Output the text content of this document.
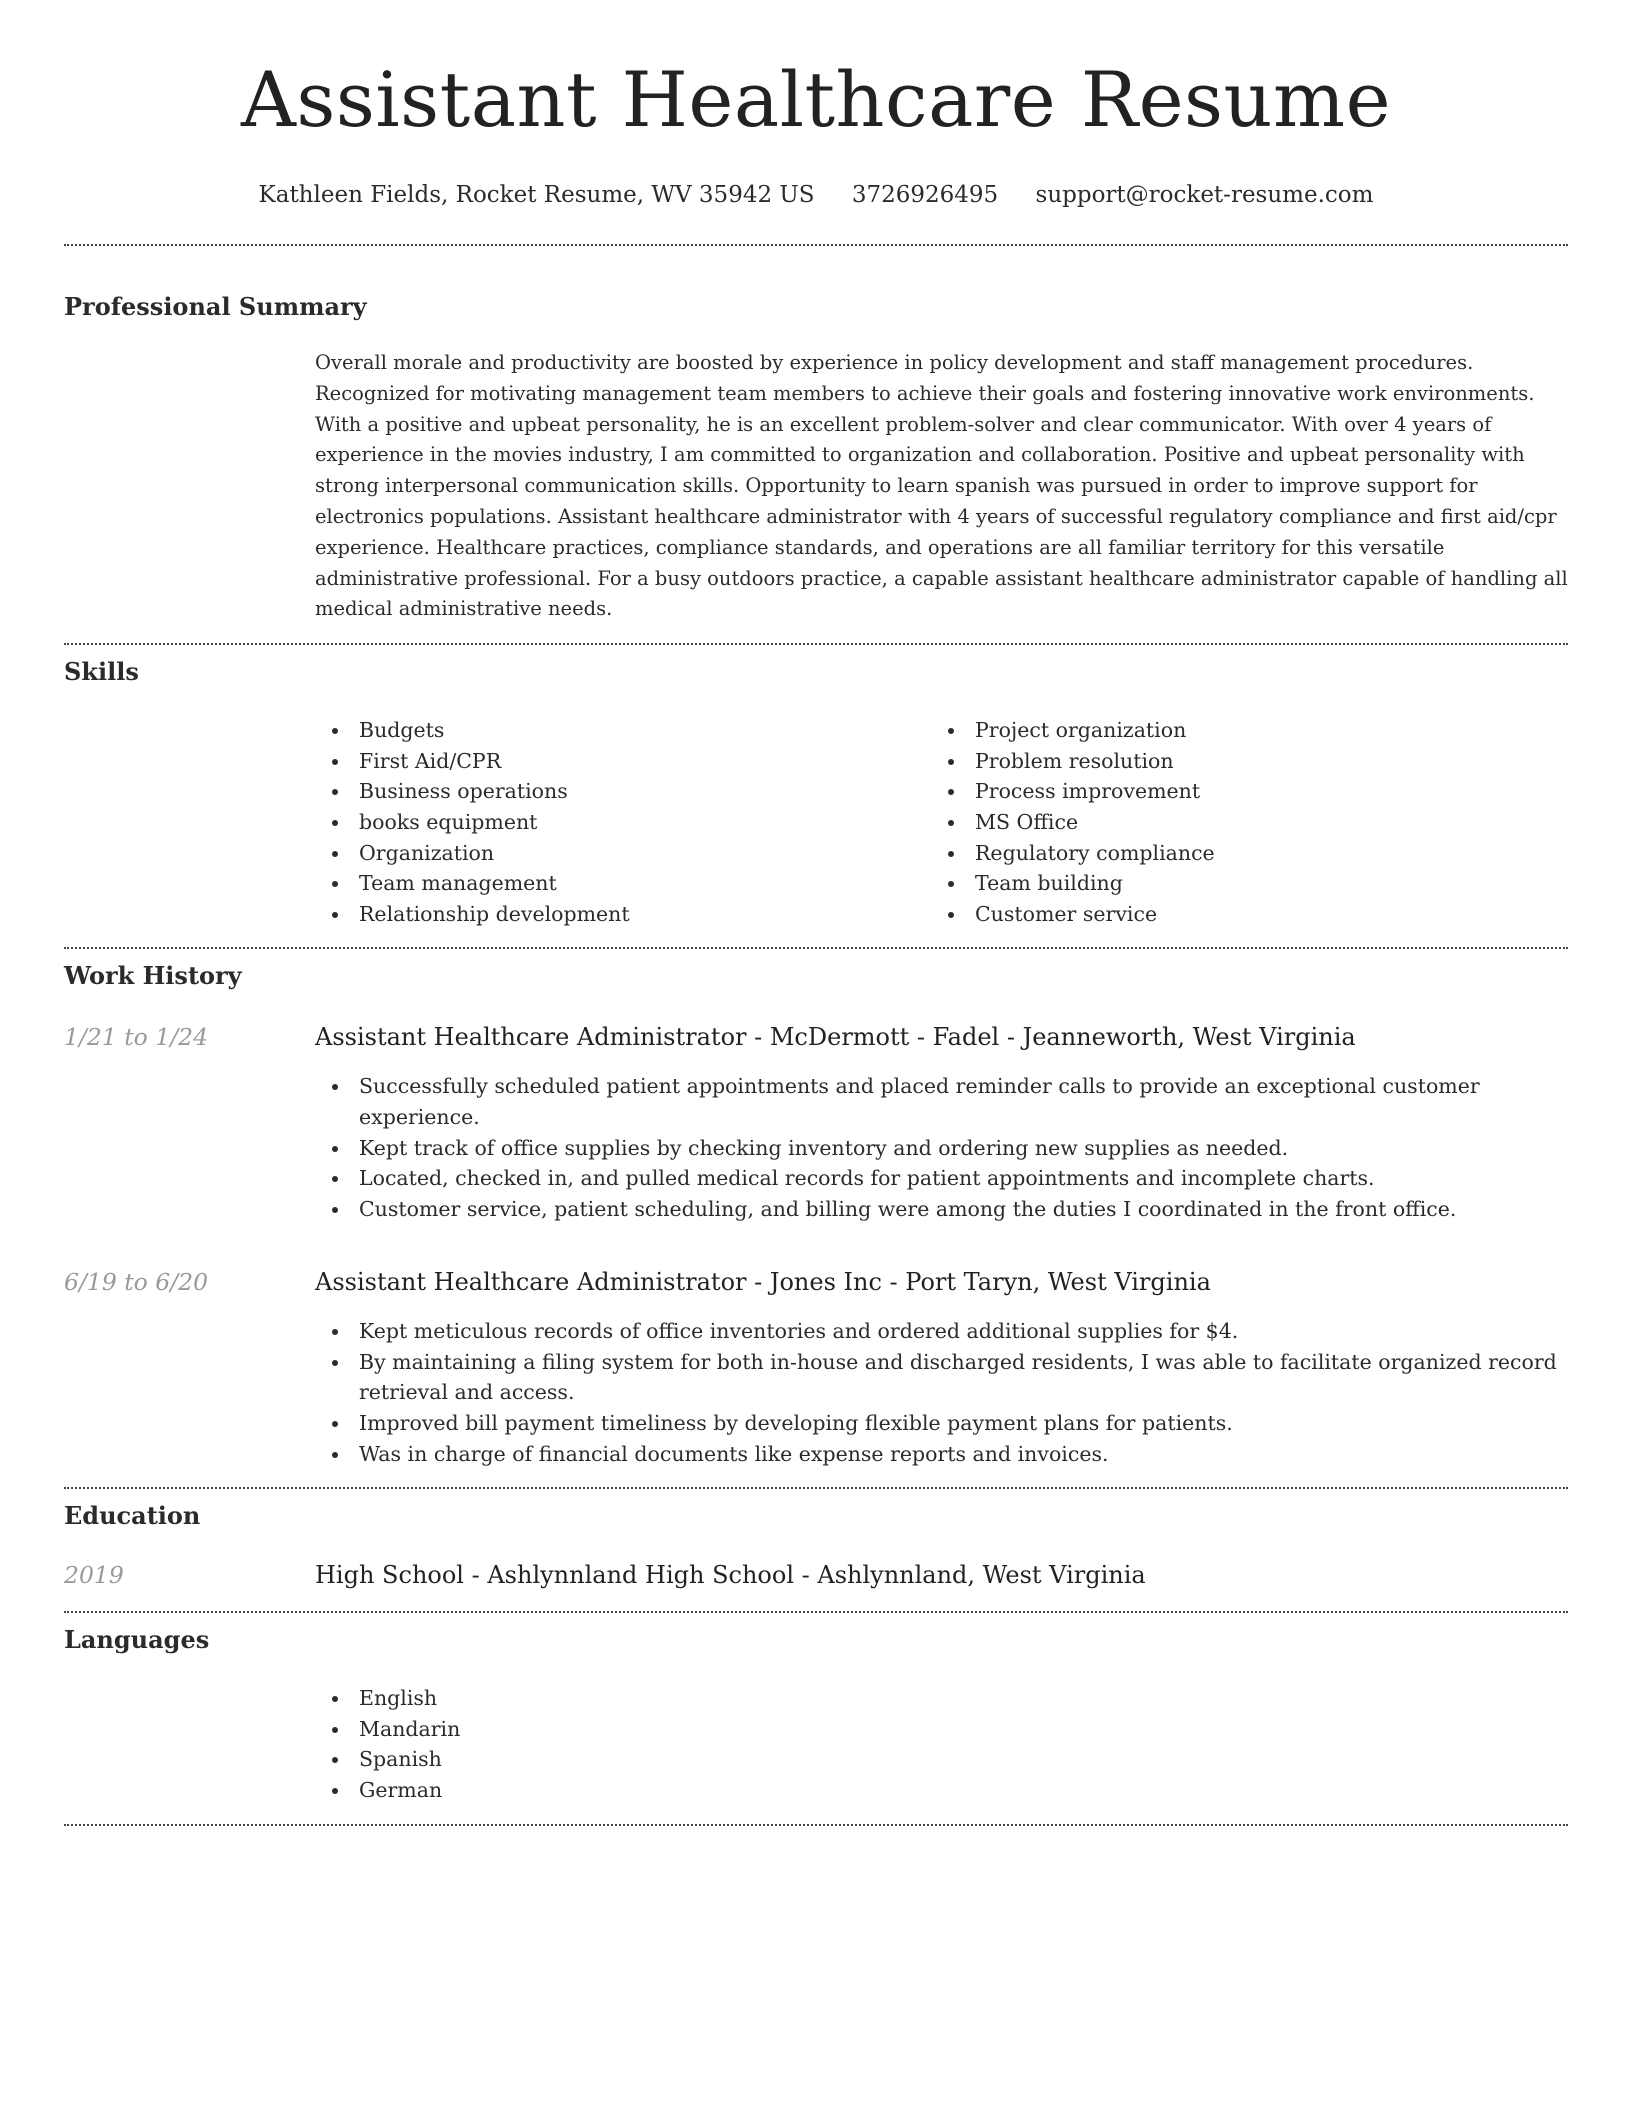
Assistant Healthcare Resume
Kathleen Fields, Rocket Resume, WV 35942 US 3726926495 support@rocket-resume.com
Professional Summary

Overall morale and productivity are boosted by experience in policy development and staff management procedures. Recognized for motivating management team members to achieve their goals and fostering innovative work environments. With a positive and upbeat personality, he is an excellent problem-solver and clear communicator. With over 4 years of experience in the movies industry, I am committed to organization and collaboration. Positive and upbeat personality with strong interpersonal communication skills. Opportunity to learn spanish was pursued in order to improve support for electronics populations. Assistant healthcare administrator with 4 years of successful regulatory compliance and first aid/cpr experience. Healthcare practices, compliance standards, and operations are all familiar territory for this versatile administrative professional. For a busy outdoors practice, a capable assistant healthcare administrator capable of handling all medical administrative needs.

Skills
Budgets
First Aid/CPR
Business operations
books equipment
Organization
Team management
Relationship development
Project organization
Problem resolution
Process improvement
MS Office
Regulatory compliance
Team building
Customer service
Work History
1/21 to 1/24	Assistant Healthcare Administrator - McDermott - Fadel - Jeanneworth, West Virginia
Successfully scheduled patient appointments and placed reminder calls to provide an exceptional customer experience.
Kept track of office supplies by checking inventory and ordering new supplies as needed.
Located, checked in, and pulled medical records for patient appointments and incomplete charts.
Customer service, patient scheduling, and billing were among the duties I coordinated in the front office.
6/19 to 6/20	Assistant Healthcare Administrator - Jones Inc - Port Taryn, West Virginia
Kept meticulous records of office inventories and ordered additional supplies for $4.
By maintaining a filing system for both in-house and discharged residents, I was able to facilitate organized record retrieval and access.
Improved bill payment timeliness by developing flexible payment plans for patients.
Was in charge of financial documents like expense reports and invoices.
Education
2019	High School - Ashlynnland High School - Ashlynnland, West Virginia
Languages
English
Mandarin
Spanish
German
